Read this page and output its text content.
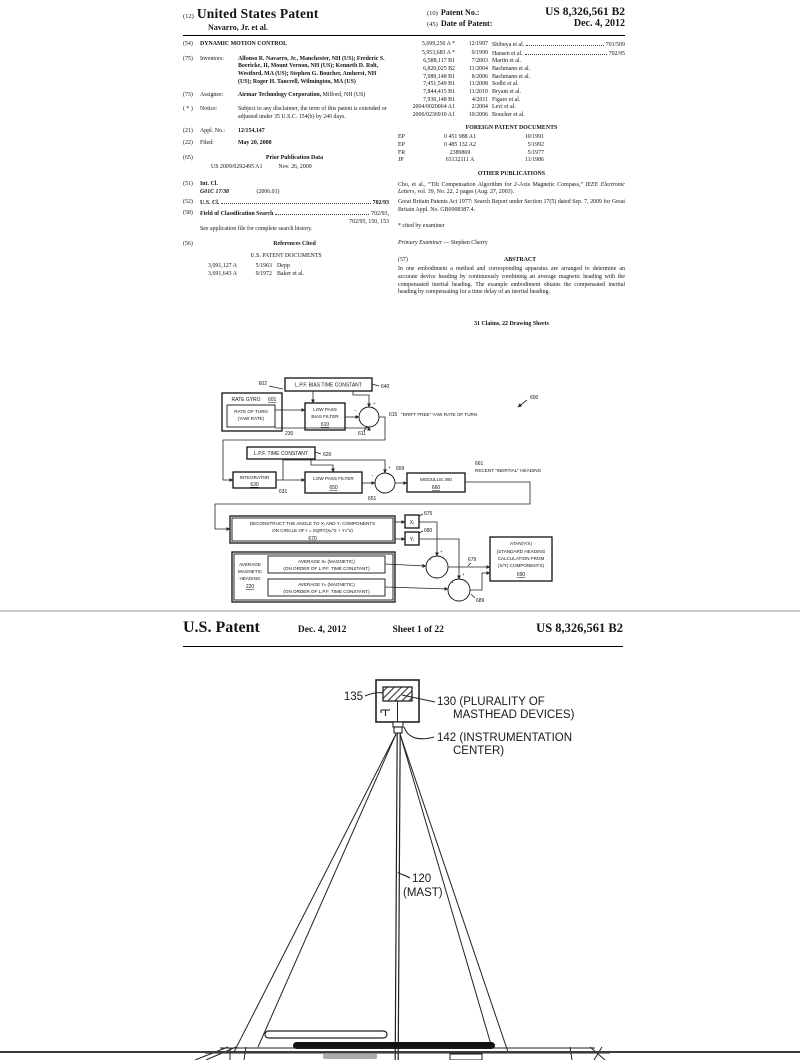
(12) United States Patent
Navarro, Jr. et al.
(10) Patent No.:	US 8,326,561 B2
(45) Date of Patent:	Dec. 4, 2012
(54)	DYNAMIC MOTION CONTROL
(75)	Inventors:	Alfonso R. Navarro, Jr., Manchester, NH (US); Frederic S. Boericke, II, Mount Vernon, NH (US); Kenneth D. Rolt, Westford, MA (US); Stephen G. Boucher, Amherst, NH (US); Roger H. Tancrell, Wilmington, MA (US)
(73)	Assignee:	Airmar Technology Corporation, Milford, NH (US)
( * )	Notice:	Subject to any disclaimer, the term of this patent is extended or adjusted under 35 U.S.C. 154(b) by 246 days.
(21)	Appl. No.:	12/154,147
(22)	Filed:	May 20, 2008
(65)	Prior Publication Data
US 2009/0292495 A1	Nov. 26, 2009
(51)	Int. Cl.
G01C 17/38	(2006.01)
(52)	U.S. Cl.	702/93
(58)	Field of Classification Search	702/93,
702/95, 150, 153
See application file for complete search history.
(56)	References Cited
U.S. PATENT DOCUMENTS
3,091,127 A	5/1963 Depp
3,691,643 A	9/1972 Baker et al.
5,699,256 A *	12/1997 Shibuya et al.	701/509
5,953,683 A *	9/1999 Hansen et al.	702/95
6,588,117 B1	7/2003 Martin et al.
6,820,025 B2	11/2004 Bachmann et al.
7,089,148 B1	8/2006 Bachmann et al.
7,451,549 B1	11/2008 Sodhi et al.
7,844,415 B1	11/2010 Bryant et al.
7,930,148 B1	4/2011 Figaro et al.
2004/0020064 A1	2/2004 Levi et al.
2006/0236910 A1	10/2006 Boucher et al.
FOREIGN PATENT DOCUMENTS
EP	0 451 988 A1	10/1991
EP	0 485 132 A2	5/1992
FR	2389869	5/1977
JP	63132111 A	11/1986
OTHER PUBLICATIONS
Cho, et al., “Tilt Compensation Algorithm for 2-Axis Magnetic Compass,” IEEE Electronic Letters, vol. 39, No. 22, 2 pages (Aug. 27, 2003).
Great Britain Patents Act 1977: Search Report under Section 17(5) dated Sep. 7, 2009 for Great Britain Appl. No. GB0908387.4.
* cited by examiner
Primary Examiner — Stephen Cherry
(57)	ABSTRACT
In one embodiment a method and corresponding apparatus are arranged to determine an accurate device heading by continuously combining an average magnetic heading with the compensated inertial heading. The example embodiment obtains the compensated inertial heading by compensating for a time delay of an inertial heading.
31 Claims, 22 Drawing Sheets
L.P.F. BIAS TIME CONSTANT
602	640
RATE GYRO 601
RATE OF TURN
(YAW RATE)
230
LOW PASS
BIAS FILTER
610
611
−
+
615 "DRIFT FREE" YAW RATE OF TURN
600
L.P.F. TIME CONSTANT	620
INTEGRATOR
630
631
LOW PASS FILTER
650
651
−
+ 659
MODULUS 360
660
661
RECENT "INERTIAL" HEADING
DECONSTRUCT THE ANGLE TO Xᵣ AND Yᵣ COMPONENTS
ON CIRCLE OF r = SQRT(Xₕ^2 + Yₕ^2)
670
Xᵣ
675
Yᵣ
680
AVERAGE
MAGNETIC
HEADING
220
AVERAGE Xₕ (MAGNETIC)
(ON ORDER OF L.P.F. TIME CONSTANT)
AVERAGE Yₕ (MAGNETIC)
(ON ORDER OF L.P.F. TIME CONSTANT)
+
+
679
+
+
689
ATAN(Y/X)
(STANDARD HEADING
CALCULATION FROM
(X/Y) COMPONENTS)
690
U.S. Patent	Dec. 4, 2012	Sheet 1 of 22	US 8,326,561 B2
135	130 (PLURALITY OF
MASTHEAD DEVICES)
142 (INSTRUMENTATION
CENTER)
120
(MAST)
